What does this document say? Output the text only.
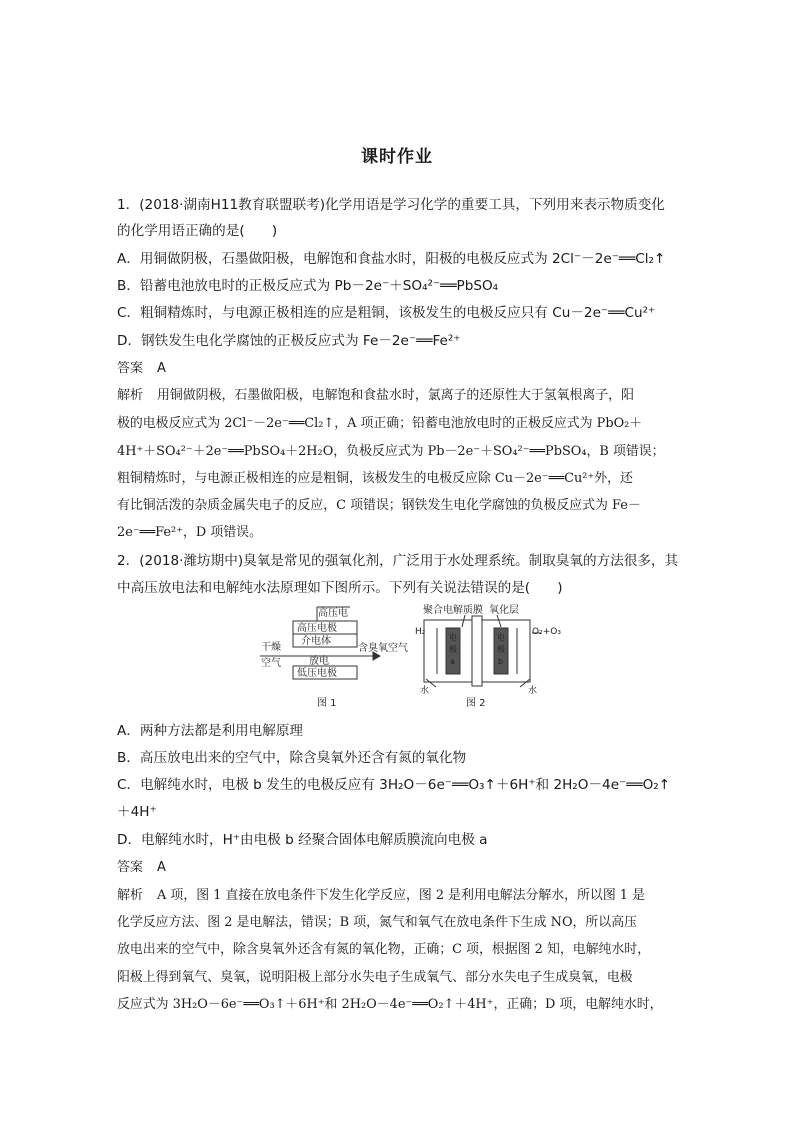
课时作业
1．(2018·湖南H11教育联盟联考)化学用语是学习化学的重要工具，下列用来表示物质变化
的化学用语正确的是(　　)
A．用铜做阴极，石墨做阳极，电解饱和食盐水时，阳极的电极反应式为 2Cl⁻－2e⁻══Cl₂↑
B．铅蓄电池放电时的正极反应式为 Pb－2e⁻＋SO₄²⁻══PbSO₄
C．粗铜精炼时，与电源正极相连的应是粗铜，该极发生的电极反应只有 Cu－2e⁻══Cu²⁺
D．钢铁发生电化学腐蚀的正极反应式为 Fe－2e⁻══Fe²⁺
答案 A
解析 用铜做阴极，石墨做阳极，电解饱和食盐水时，氯离子的还原性大于氢氧根离子，阳
极的电极反应式为 2Cl⁻－2e⁻══Cl₂↑，A 项正确；铅蓄电池放电时的正极反应式为 PbO₂＋
4H⁺＋SO₄²⁻＋2e⁻══PbSO₄＋2H₂O，负极反应式为 Pb－2e⁻＋SO₄²⁻══PbSO₄，B 项错误；
粗铜精炼时，与电源正极相连的应是粗铜，该极发生的电极反应除 Cu－2e⁻══Cu²⁺外，还
有比铜活泼的杂质金属失电子的反应，C 项错误；钢铁发生电化学腐蚀的负极反应式为 Fe－
2e⁻══Fe²⁺，D 项错误。
2．(2018·潍坊期中)臭氧是常见的强氧化剂，广泛用于水处理系统。制取臭氧的方法很多，其
中高压放电法和电解纯水法原理如下图所示。下列有关说法错误的是(　　)
高压电
高压电极
介电体
放电
低压电极
干燥
空气
含臭氧空气
图 1
聚合电解质膜 氧化层
H₂	O₂+O₃
电
极
a
电
极
b
水	水
图 2
A．两种方法都是利用电解原理
B．高压放电出来的空气中，除含臭氧外还含有氮的氧化物
C．电解纯水时，电极 b 发生的电极反应有 3H₂O－6e⁻══O₃↑＋6H⁺和 2H₂O－4e⁻══O₂↑
＋4H⁺
D．电解纯水时，H⁺由电极 b 经聚合固体电解质膜流向电极 a
答案 A
解析 A 项，图 1 直接在放电条件下发生化学反应，图 2 是利用电解法分解水，所以图 1 是
化学反应方法、图 2 是电解法，错误；B 项，氮气和氧气在放电条件下生成 NO，所以高压
放电出来的空气中，除含臭氧外还含有氮的氧化物，正确；C 项，根据图 2 知，电解纯水时，
阳极上得到氧气、臭氧，说明阳极上部分水失电子生成氧气、部分水失电子生成臭氧，电极
反应式为 3H₂O－6e⁻══O₃↑＋6H⁺和 2H₂O－4e⁻══O₂↑＋4H⁺，正确；D 项，电解纯水时，
